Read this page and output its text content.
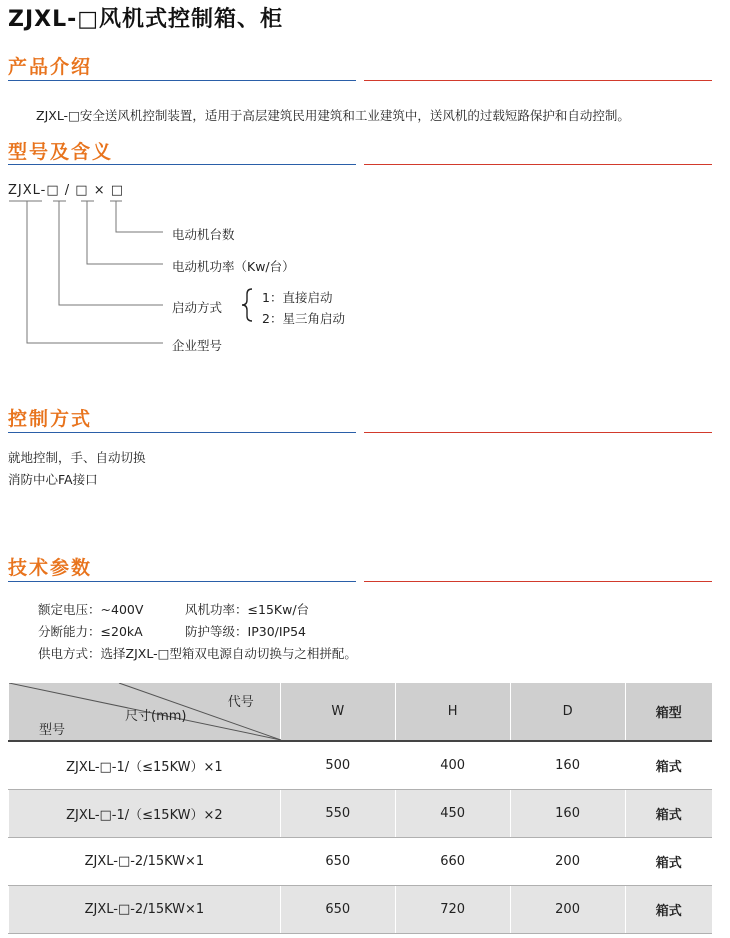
ZJXL-□风机式控制箱、柜
产品介绍
ZJXL-□安全送风机控制装置，适用于高层建筑民用建筑和工业建筑中，送风机的过载短路保护和自动控制。
型号及含义
ZJXL-□ / □ × □
电动机台数
电动机功率（Kw/台）
启动方式
1：直接启动
2：星三角启动
企业型号
控制方式
就地控制，手、自动切换
消防中心FA接口
技术参数
额定电压：~400V	风机功率：≤15Kw/台
分断能力：≤20kA	防护等级：IP30/IP54
供电方式：选择ZJXL-□型箱双电源自动切换与之相拼配。
代号
尺寸(mm)
型号	W	H	D	箱型
ZJXL-□-1/（≤15KW）×1	500	400	160	箱式
ZJXL-□-1/（≤15KW）×2	550	450	160	箱式
ZJXL-□-2/15KW×1	650	660	200	箱式
ZJXL-□-2/15KW×1	650	720	200	箱式
